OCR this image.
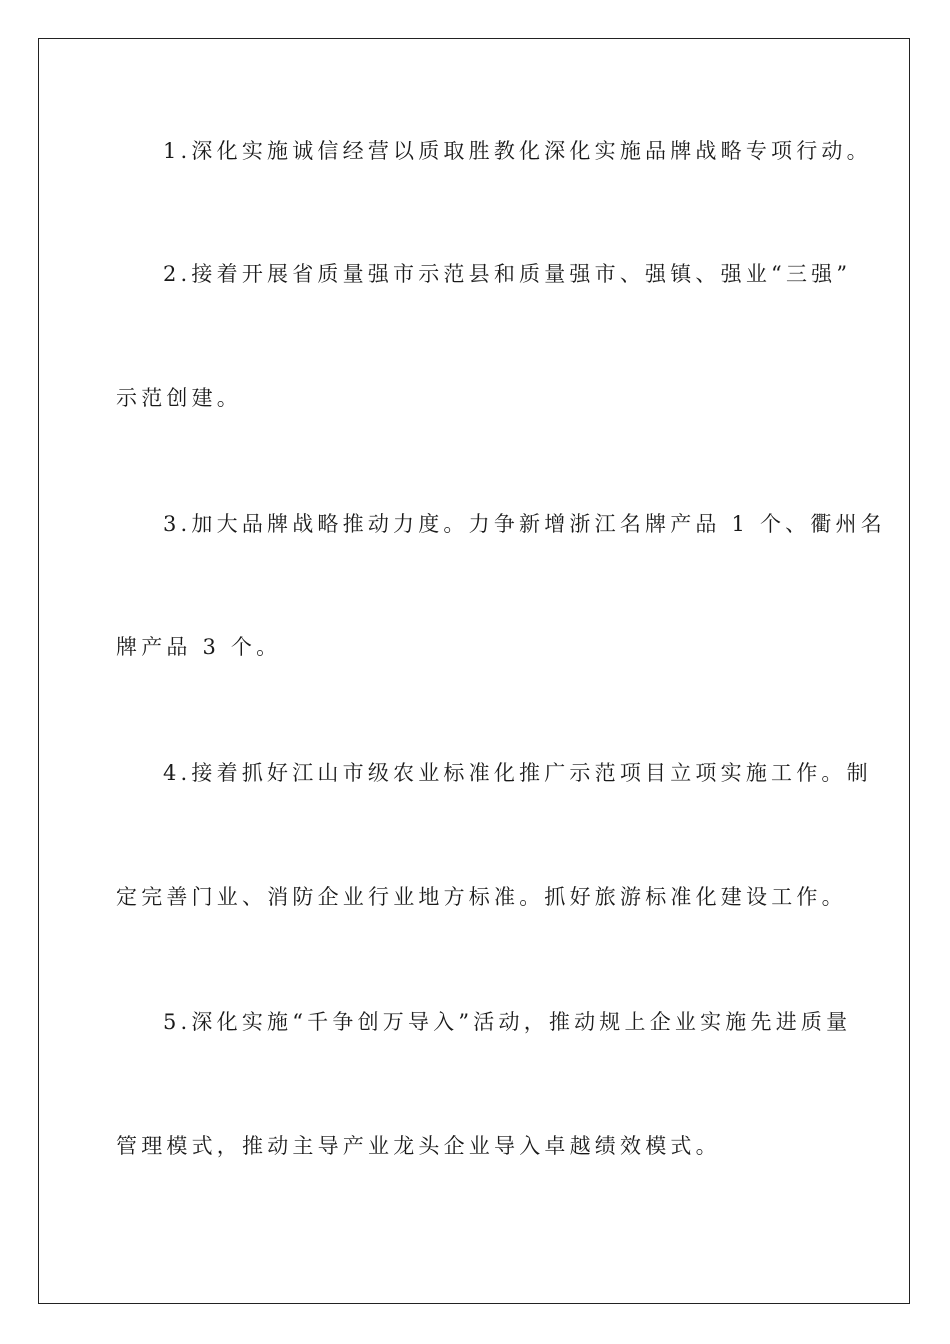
1.深化实施诚信经营以质取胜教化深化实施品牌战略专项行动。
2.接着开展省质量强市示范县和质量强市、强镇、强业“三强”
示范创建。
3.加大品牌战略推动力度。力争新增浙江名牌产品 1 个、衢州名
牌产品 3 个。
4.接着抓好江山市级农业标准化推广示范项目立项实施工作。制
定完善门业、消防企业行业地方标准。抓好旅游标准化建设工作。
5.深化实施“千争创万导入”活动，推动规上企业实施先进质量
管理模式，推动主导产业龙头企业导入卓越绩效模式。
